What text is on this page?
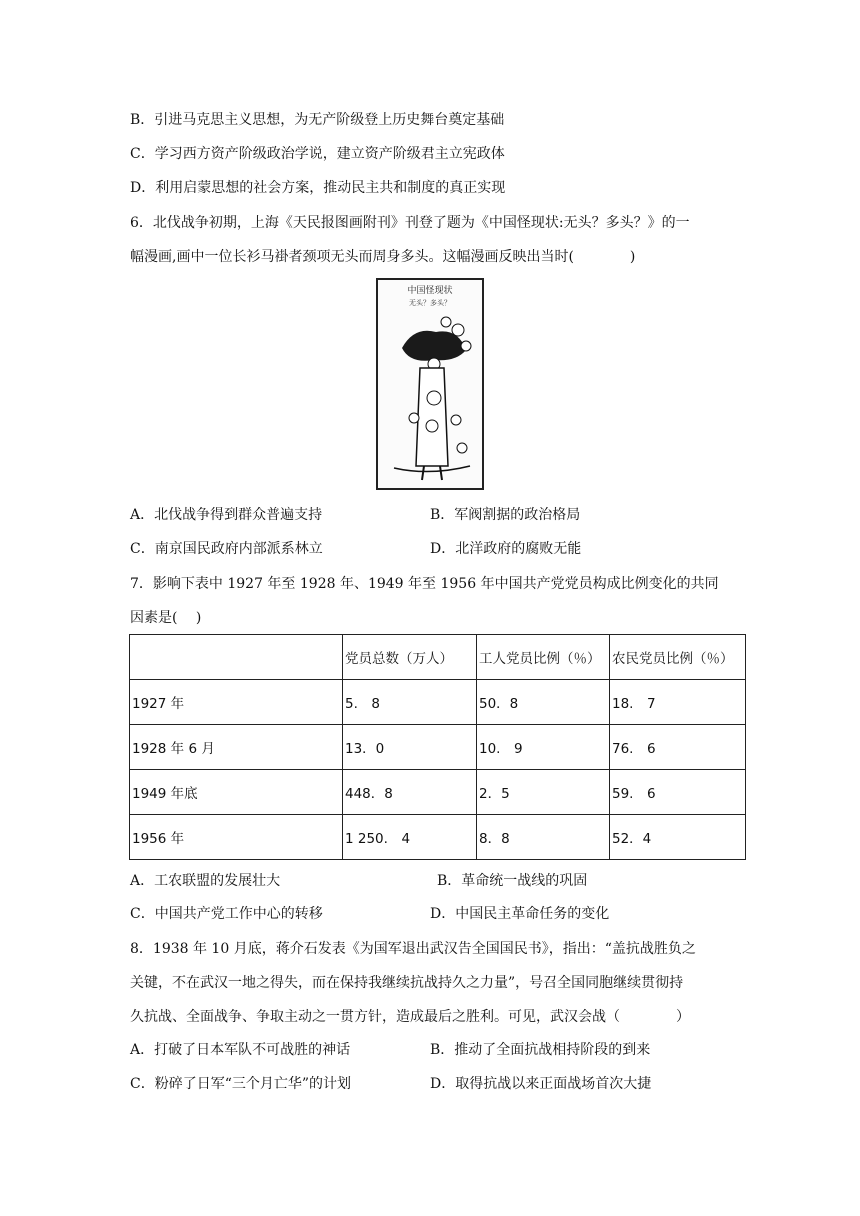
B．引进马克思主义思想，为无产阶级登上历史舞台奠定基础
C．学习西方资产阶级政治学说，建立资产阶级君主立宪政体
D．利用启蒙思想的社会方案，推动民主共和制度的真正实现
6．北伐战争初期，上海《天民报图画附刊》刊登了题为《中国怪现状:无头？多头？》的一
幅漫画,画中一位长衫马褂者颈项无头而周身多头。这幅漫画反映出当时(　　　　)
中国怪现状
无头？多头？
A．北伐战争得到群众普遍支持	B．军阀割据的政治格局
C．南京国民政府内部派系林立	D．北洋政府的腐败无能
7．影响下表中 1927 年至 1928 年、1949 年至 1956 年中国共产党党员构成比例变化的共同
因素是(　 )
	党员总数（万人）	工人党员比例（％）	农民党员比例（％）
1927 年	5.　8	50．8	18.　7
1928 年 6 月	13．0	10.　9	76.　6
1949 年底	448．8	2．5	59.　6
1956 年	1 250.　4	8．8	52．4
A．工农联盟的发展壮大	B．革命统一战线的巩固
C．中国共产党工作中心的转移	D．中国民主革命任务的变化
8．1938 年 10 月底，蒋介石发表《为国军退出武汉告全国国民书》，指出：“盖抗战胜负之
关键，不在武汉一地之得失，而在保持我继续抗战持久之力量”，号召全国同胞继续贯彻持
久抗战、全面战争、争取主动之一贯方针，造成最后之胜利。可见，武汉会战（　　　　）
A．打破了日本军队不可战胜的神话	B．推动了全面抗战相持阶段的到来
C．粉碎了日军“三个月亡华”的计划	D．取得抗战以来正面战场首次大捷
